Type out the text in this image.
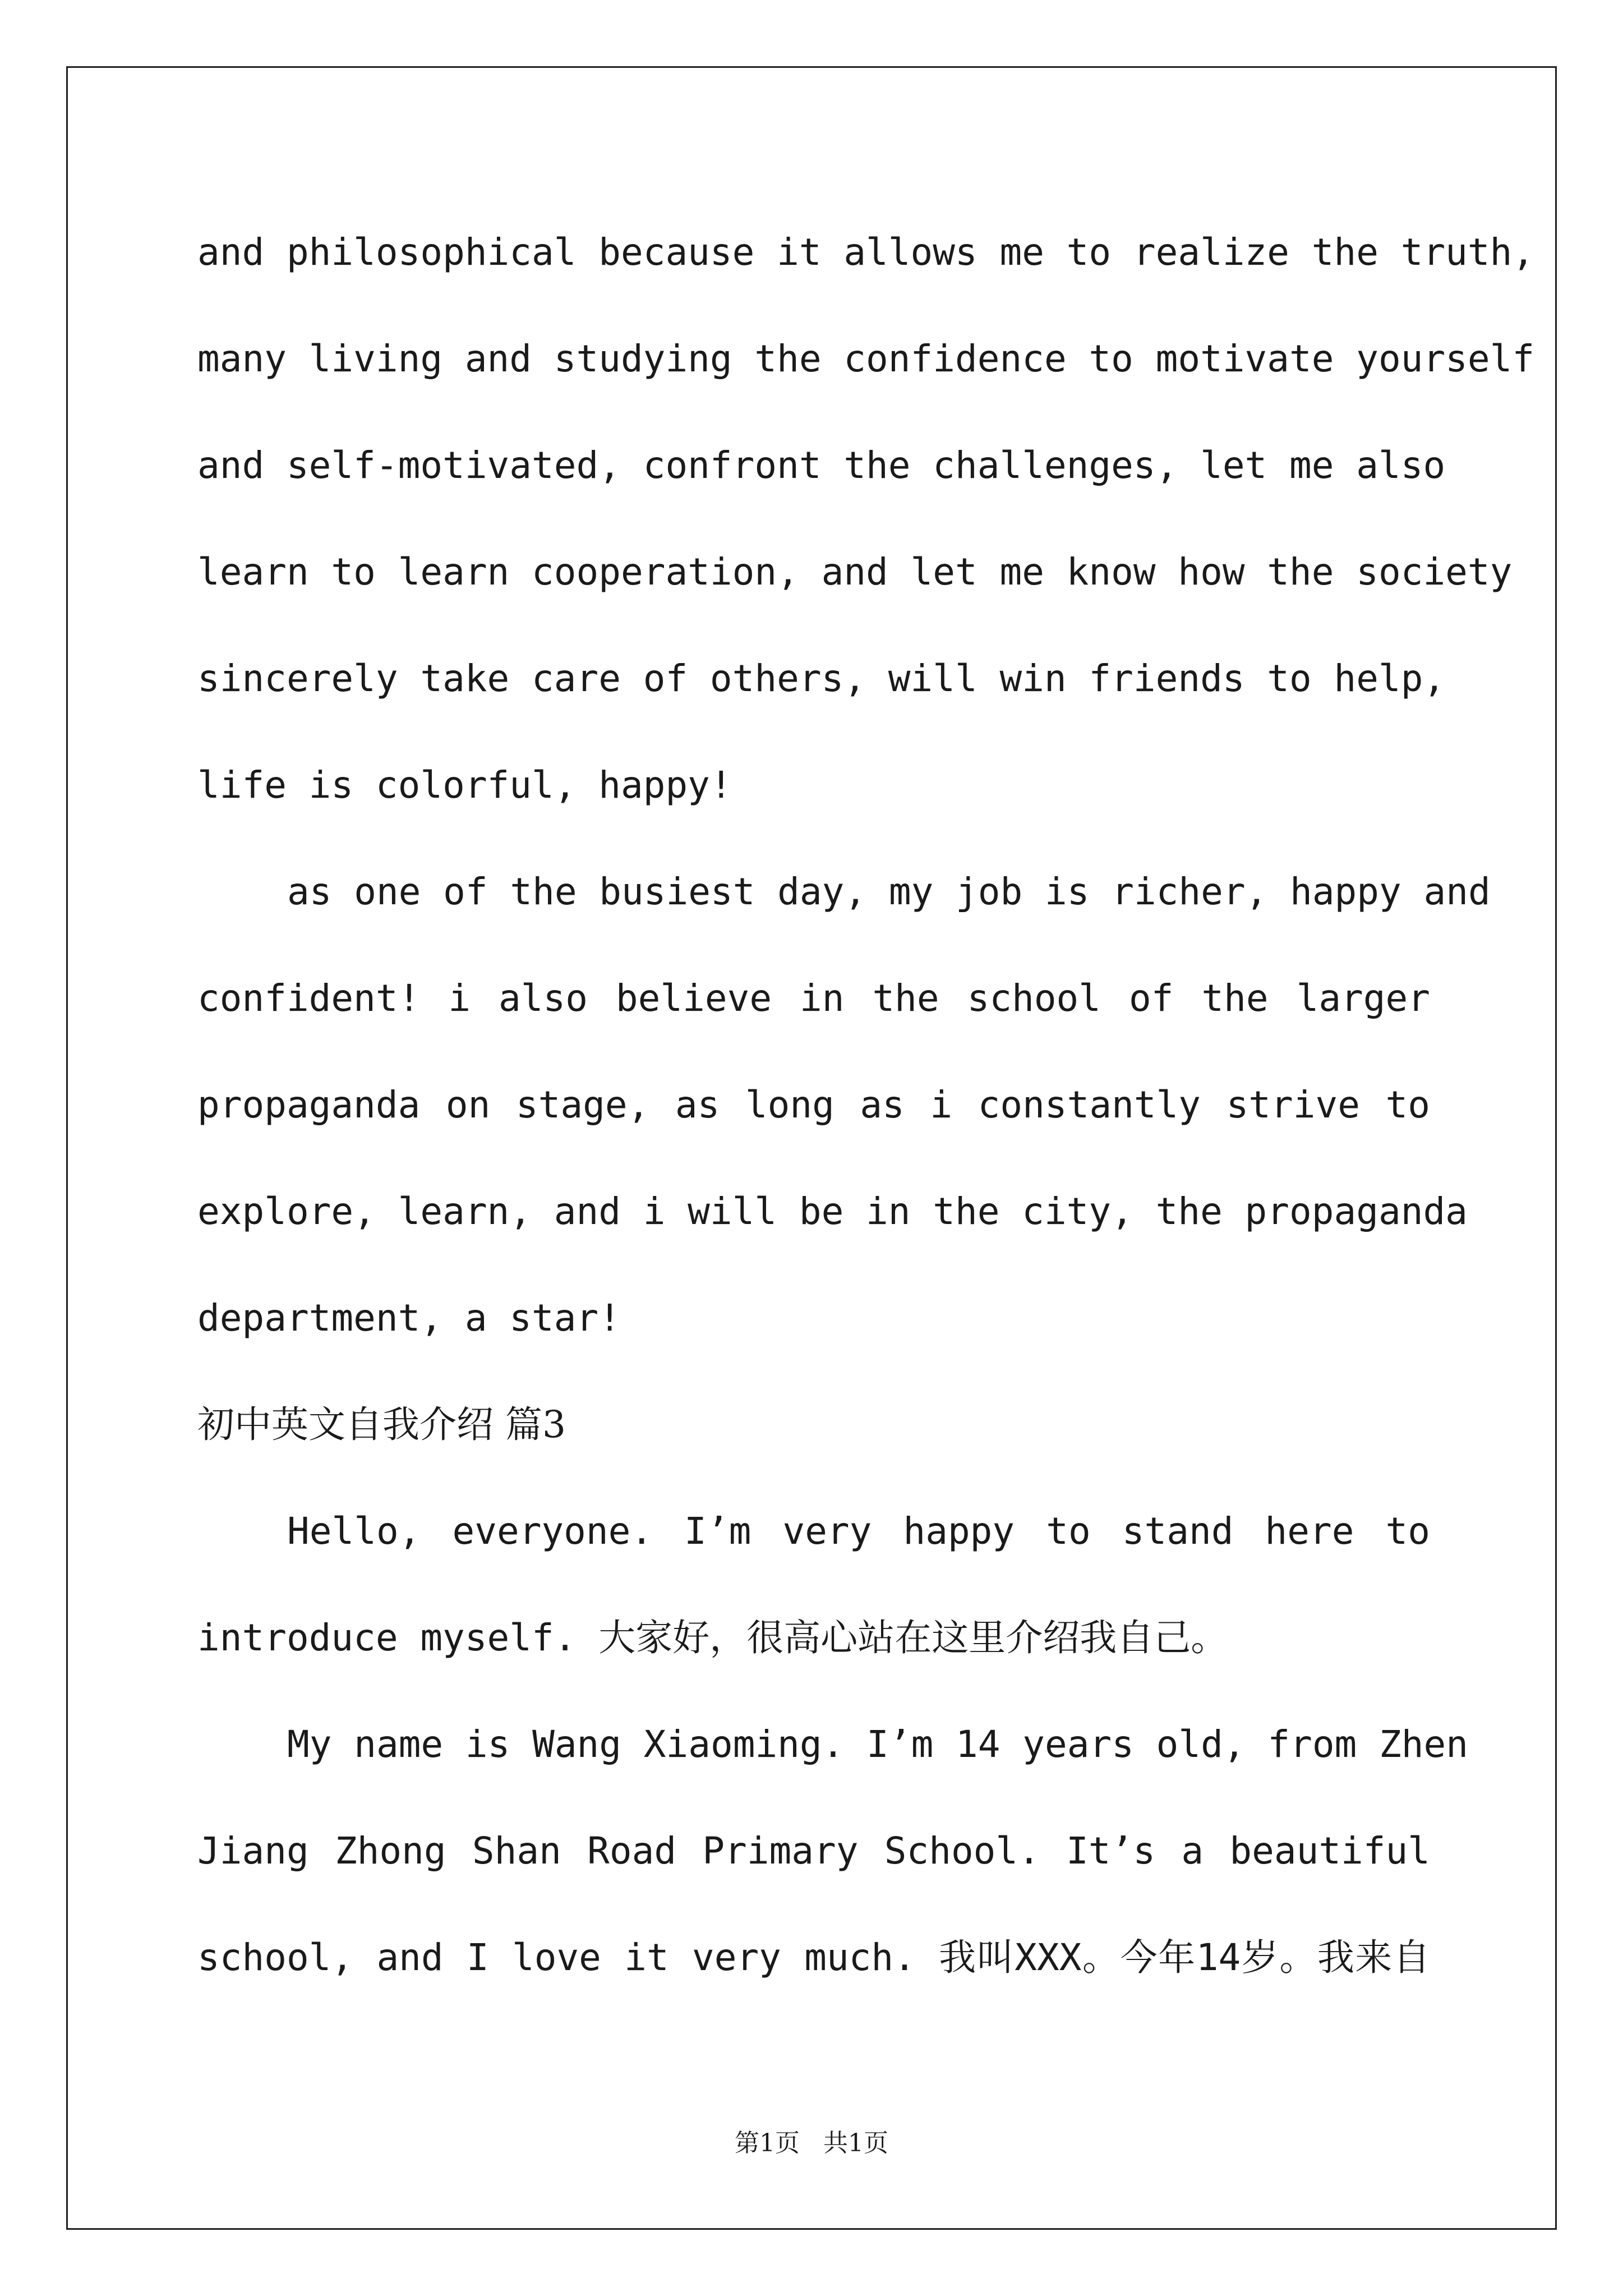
and philosophical because it allows me to realize the truth,
many living and studying the confidence to motivate yourself
and self-motivated, confront the challenges, let me also
learn to learn cooperation, and let me know how the society
sincerely take care of others, will win friends to help,
life is colorful, happy!
as one of the busiest day, my job is richer, happy and
confident! i also believe in the school of the larger
propaganda on stage, as long as i constantly strive to
explore, learn, and i will be in the city, the propaganda
department, a star!
初中英文自我介绍 篇3
Hello, everyone. I’m very happy to stand here to
introduce myself. 大家好，很高心站在这里介绍我自己。
My name is Wang Xiaoming. I’m 14 years old, from Zhen
Jiang Zhong Shan Road Primary School. It’s a beautiful
school, and I love it very much. 我叫XXX。今年14岁。我来自
第1页   共1页
